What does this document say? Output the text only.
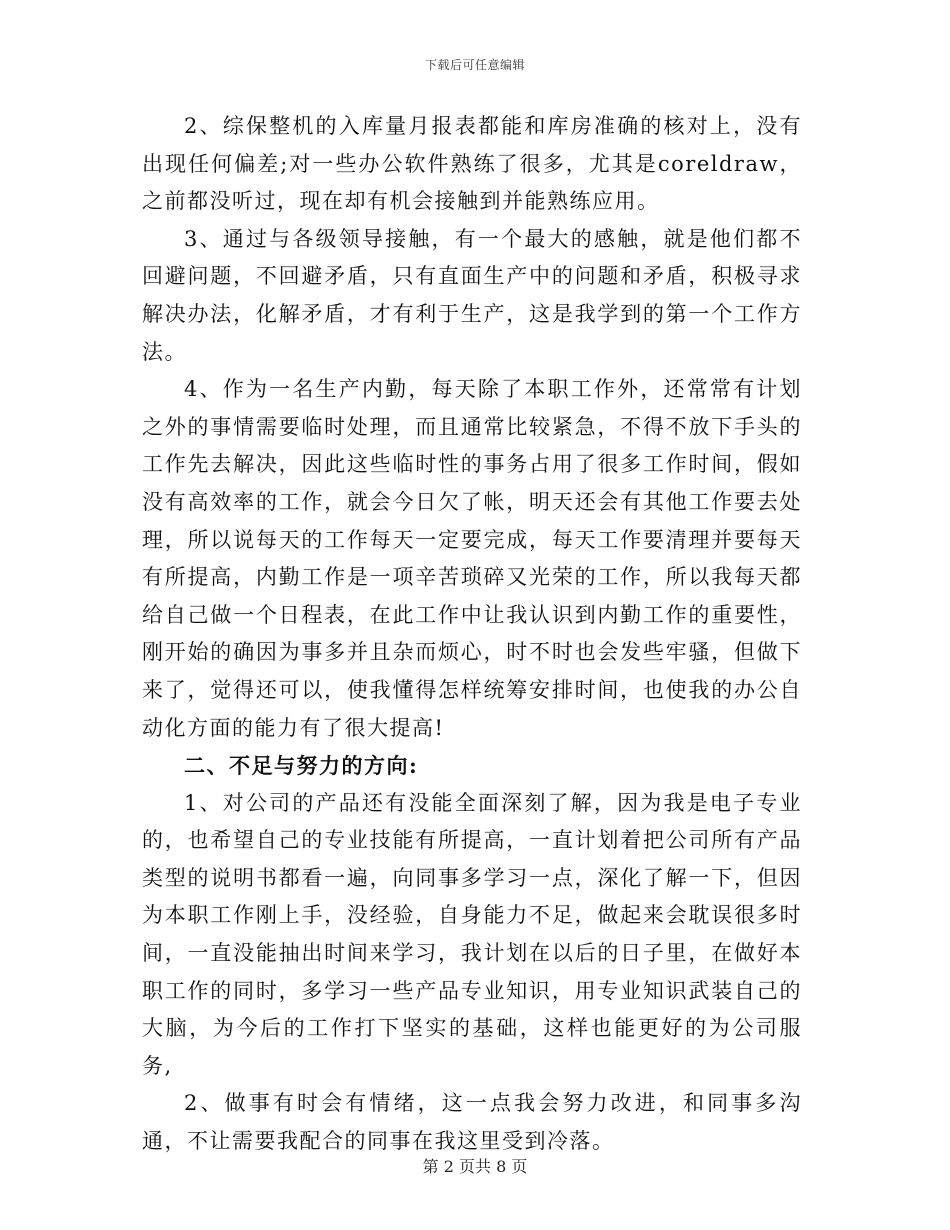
下载后可任意编辑

2、综保整机的入库量月报表都能和库房准确的核对上，没有出现任何偏差;对一些办公软件熟练了很多，尤其是coreldraw，之前都没听过，现在却有机会接触到并能熟练应用。

3、通过与各级领导接触，有一个最大的感触，就是他们都不回避问题，不回避矛盾，只有直面生产中的问题和矛盾，积极寻求解决办法，化解矛盾，才有利于生产，这是我学到的第一个工作方法。

4、作为一名生产内勤，每天除了本职工作外，还常常有计划之外的事情需要临时处理，而且通常比较紧急，不得不放下手头的工作先去解决，因此这些临时性的事务占用了很多工作时间，假如没有高效率的工作，就会今日欠了帐，明天还会有其他工作要去处理，所以说每天的工作每天一定要完成，每天工作要清理并要每天有所提高，内勤工作是一项辛苦琐碎又光荣的工作，所以我每天都给自己做一个日程表，在此工作中让我认识到内勤工作的重要性，刚开始的确因为事多并且杂而烦心，时不时也会发些牢骚，但做下来了，觉得还可以，使我懂得怎样统筹安排时间，也使我的办公自动化方面的能力有了很大提高!

二、不足与努力的方向:

1、对公司的产品还有没能全面深刻了解，因为我是电子专业的，也希望自己的专业技能有所提高，一直计划着把公司所有产品类型的说明书都看一遍，向同事多学习一点，深化了解一下，但因为本职工作刚上手，没经验，自身能力不足，做起来会耽误很多时间，一直没能抽出时间来学习，我计划在以后的日子里，在做好本职工作的同时，多学习一些产品专业知识，用专业知识武装自己的大脑，为今后的工作打下坚实的基础，这样也能更好的为公司服务,

2、做事有时会有情绪，这一点我会努力改进，和同事多沟通，不让需要我配合的同事在我这里受到冷落。

第 2 页共 8 页
